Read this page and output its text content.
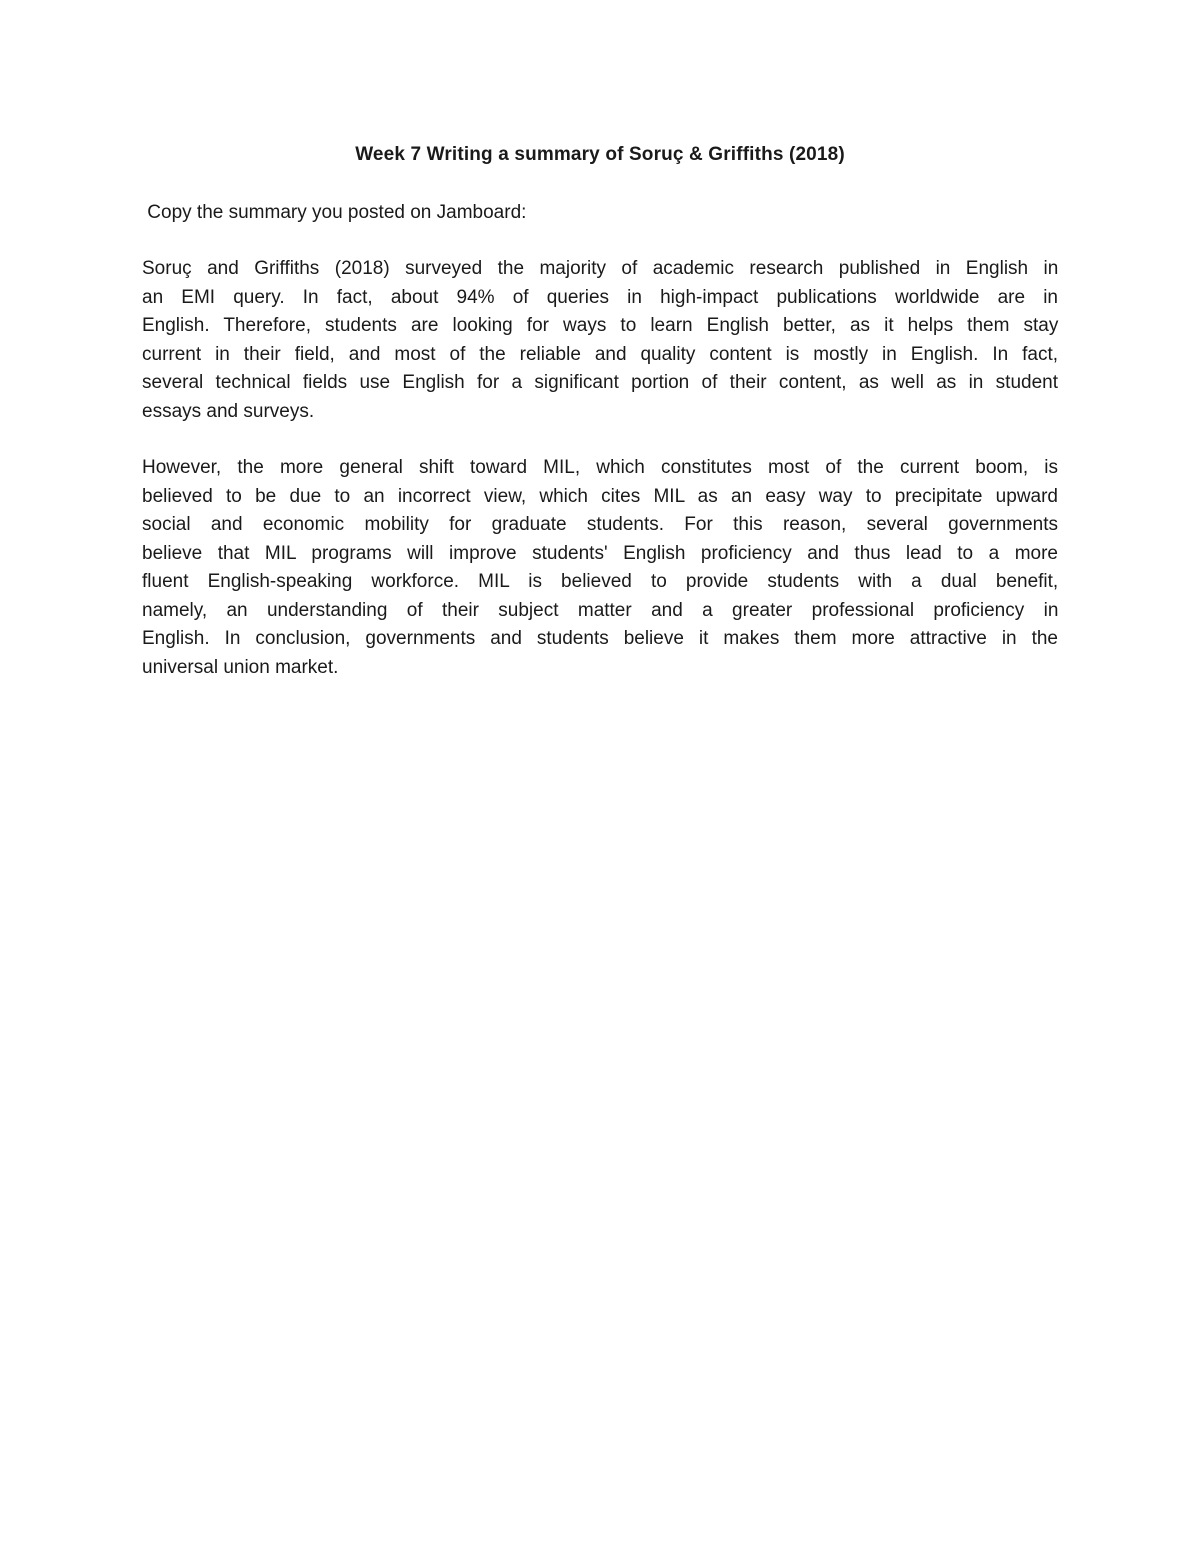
Week 7 Writing a summary of Soruç & Griffiths (2018)

Copy the summary you posted on Jamboard:

Soruç and Griffiths (2018) surveyed the majority of academic research published in English in
an EMI query. In fact, about 94% of queries in high-impact publications worldwide are in
English. Therefore, students are looking for ways to learn English better, as it helps them stay
current in their field, and most of the reliable and quality content is mostly in English. In fact,
several technical fields use English for a significant portion of their content, as well as in student
essays and surveys.
However, the more general shift toward MIL, which constitutes most of the current boom, is
believed to be due to an incorrect view, which cites MIL as an easy way to precipitate upward
social and economic mobility for graduate students. For this reason, several governments
believe that MIL programs will improve students' English proficiency and thus lead to a more
fluent English-speaking workforce. MIL is believed to provide students with a dual benefit,
namely, an understanding of their subject matter and a greater professional proficiency in
English. In conclusion, governments and students believe it makes them more attractive in the
universal union market.
